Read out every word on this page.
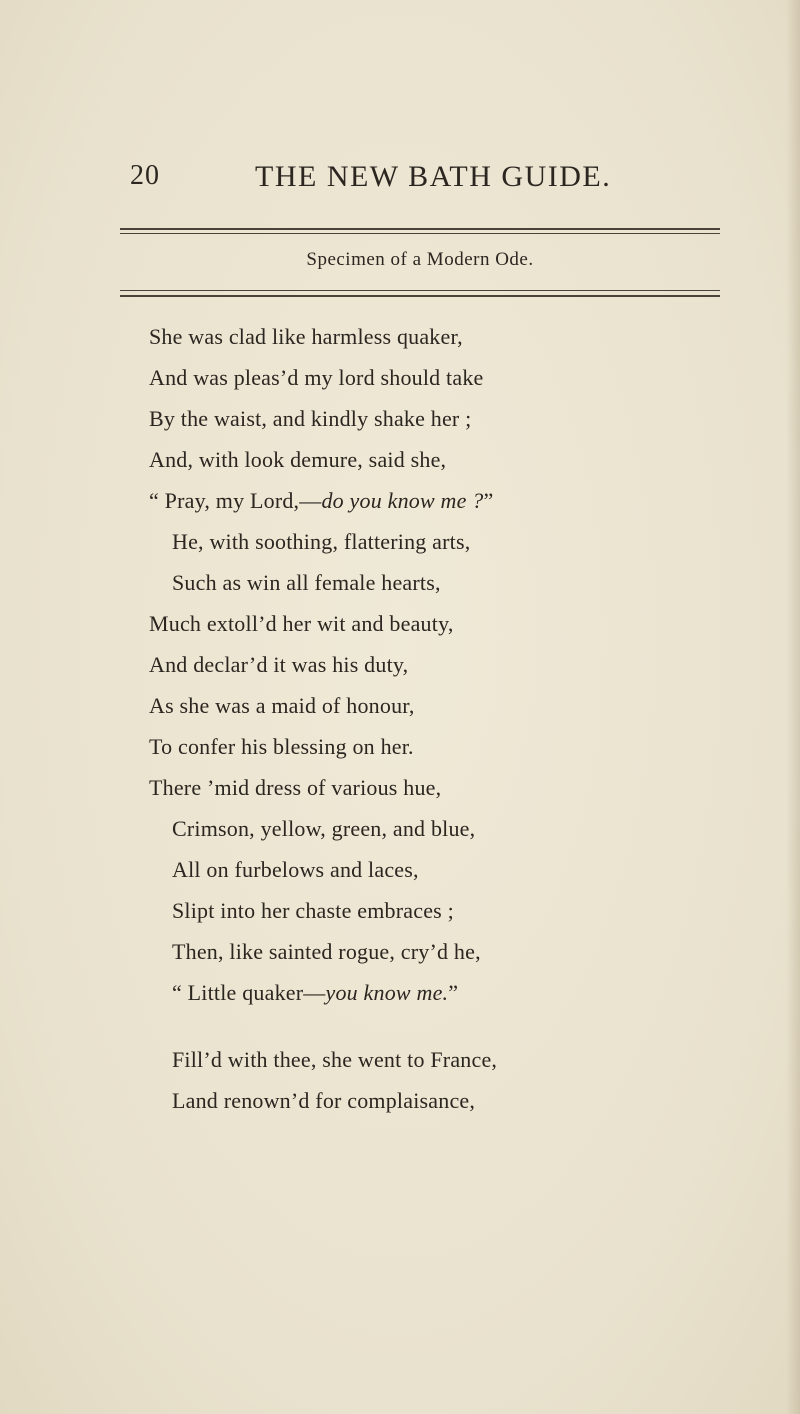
20	THE NEW BATH GUIDE.
Specimen of a Modern Ode.
She was clad like harmless quaker,
And was pleas’d my lord should take
By the waist, and kindly shake her ;
And, with look demure, said she,
“ Pray, my Lord,—do you know me ?”
He, with soothing, flattering arts,
Such as win all female hearts,
Much extoll’d her wit and beauty,
And declar’d it was his duty,
As she was a maid of honour,
To confer his blessing on her.
There ’mid dress of various hue,
Crimson, yellow, green, and blue,
All on furbelows and laces,
Slipt into her chaste embraces ;
Then, like sainted rogue, cry’d he,
“ Little quaker—you know me.”
Fill’d with thee, she went to France,
Land renown’d for complaisance,
